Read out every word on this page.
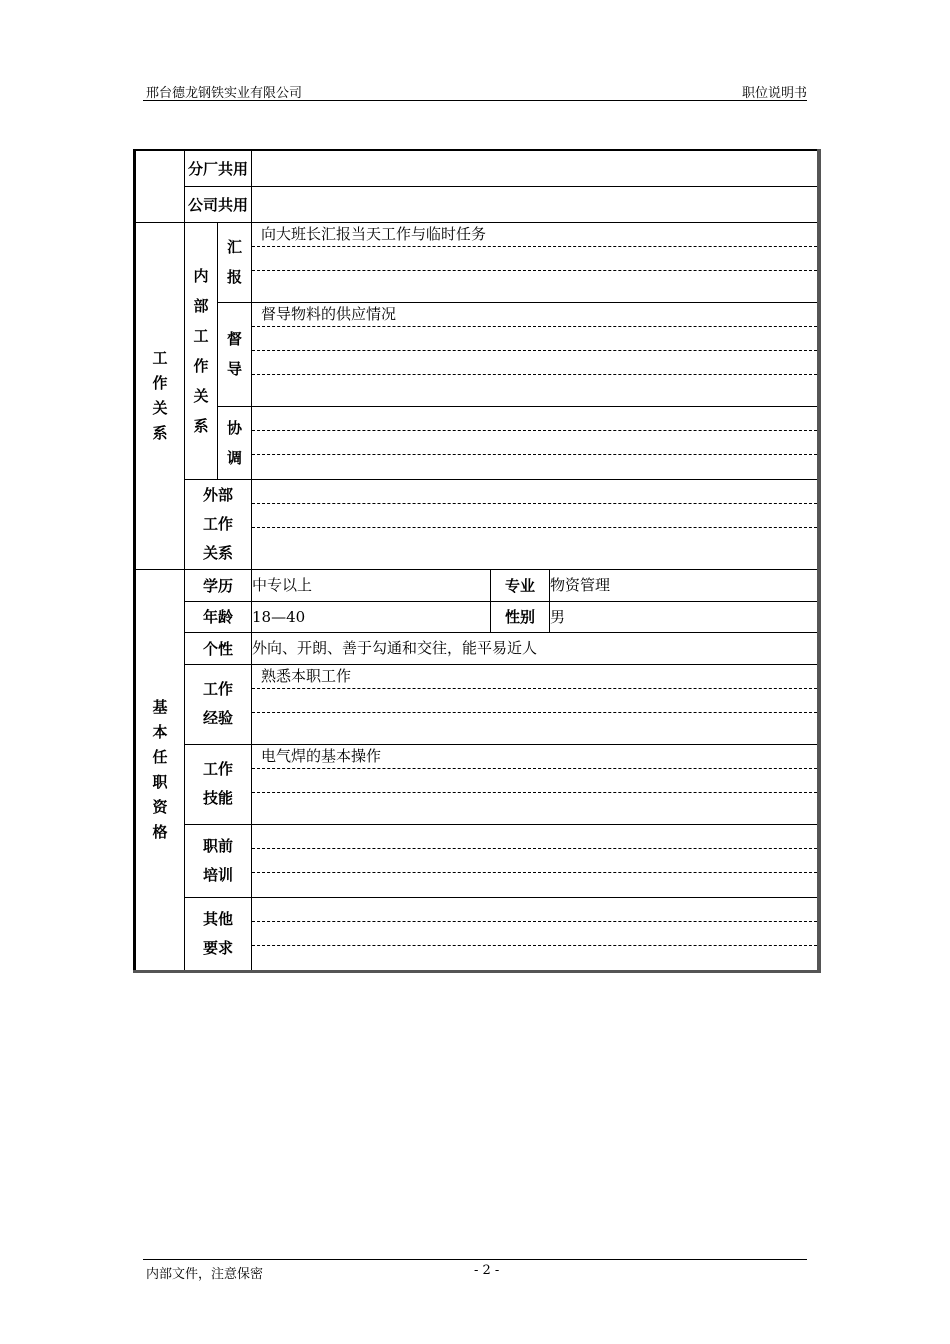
邢台德龙钢铁实业有限公司	职位说明书
	分厂共用				
	公司共用				
工作关系	内部工作关系	汇报	向大班长汇报当天工作与临时任务		

		督导	督导物料的供应情况		

		协调			

	外部
工作
关系				

基本任职资格	学历		中专以上	专业	物资管理
	年龄		18—40	性别	男
	个性		外向、开朗、善于勾通和交往，能平易近人		

	工作
经验		熟悉本职工作		

	工作
技能		电气焊的基本操作		

	职前
培训				

	其他
要求				

内部文件，注意保密	- 2 -
